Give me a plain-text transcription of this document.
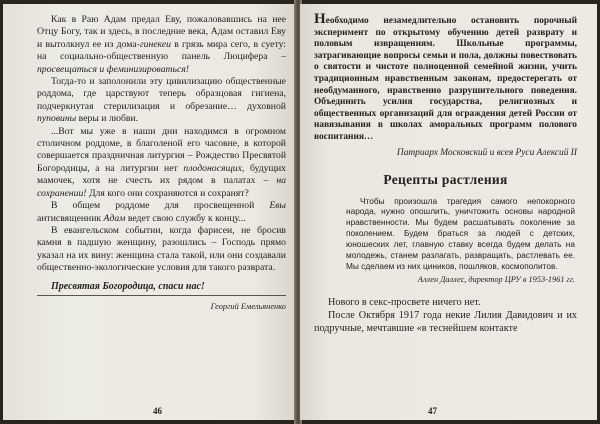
Как в Раю Адам предал Еву, пожаловавшись на нее Отцу Богу, так и здесь, в последние века, Адам оставил Еву и вытолкнул ее из дома-гинекеи в грязь мира сего, в суету: на социально-общественную панель Люцифера – просвещаться и феминизироваться!

Тогда-то и заполонили эту цивилизацию общественные роддома, где царствуют теперь образцовая гигиена, подчеркнутая стерилизация и обрезание… духовной пуповины веры и любви.

...Вот мы уже в наши дни находимся в огромном столичном роддоме, в благоленой его часовне, в которой совершается праздничная литургия – Рождество Пресвятой Богородицы, а на литургии нет плодоносящих, будущих мамочек, хотя не счесть их рядом в палатах – на сохранении! Для кого они сохраняются и сохранят?

В общем роддоме для просвещенной Евы антисвященник Адам ведет свою службу к концу...

В евангельском событии, когда фарисеи, не бросив камня в падшую женщину, разошлись – Господь прямо указал на их вину: женщина стала такой, или они создавали общественно-экологические условия для такого разврата.

Пресвятая Богородица, спаси нас!
Георгий Емельяненко
46

Необходимо незамедлительно остановить порочный эксперимент по открытому обучению детей разврату и половым извращениям. Школьные программы, затрагивающие вопросы семьи и пола, должны повествовать о святости и чистоте полноценной семейной жизни, учить традиционным нравственным законам, предостерегать от необдуманного, нравственно разрушительного поведения. Объединить усилия государства, религиозных и общественных организаций для ограждения детей России от навязывания в школах аморальных программ полового воспитания…

Патриарх Московский и всея Руси Алексий II
Рецепты растления

Чтобы произошла трагедия самого непокорного народа, нужно опошлить, уничтожить основы народной нравственности. Мы будем расшатывать поколение за поколением. Будем браться за людей с детских, юношеских лет, главную ставку всегда будем делать на молодежь, станем разлагать, развращать, растлевать ее. Мы сделаем из них циников, пошляков, космополитов.

Аллен Даллес, директор ЦРУ в 1953-1961 гг.

Нового в секс-просвете ничего нет.

После Октября 1917 года некие Лилия Давидович и их подручные, мечтавшие «в теснейшем контакте

47
